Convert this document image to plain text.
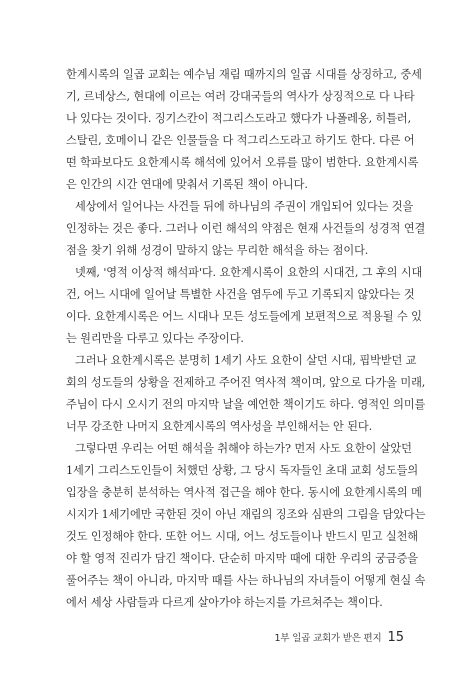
한계시록의 일곱 교회는 예수님 재림 때까지의 일곱 시대를 상징하고, 중세
기, 르네상스, 현대에 이르는 여러 강대국들의 역사가 상징적으로 다 나타
나 있다는 것이다. 징기스칸이 적그리스도라고 했다가 나폴레옹, 히틀러,
스탈린, 호메이니 같은 인물들을 다 적그리스도라고 하기도 한다. 다른 어
떤 학파보다도 요한계시록 해석에 있어서 오류를 많이 범한다. 요한계시록
은 인간의 시간 연대에 맞춰서 기록된 책이 아니다.
세상에서 일어나는 사건들 뒤에 하나님의 주권이 개입되어 있다는 것을
인정하는 것은 좋다. 그러나 이런 해석의 약점은 현재 사건들의 성경적 연결
점을 찾기 위해 성경이 말하지 않는 무리한 해석을 하는 점이다.
넷째, '영적 이상적 해석파'다. 요한계시록이 요한의 시대건, 그 후의 시대
건, 어느 시대에 일어날 특별한 사건을 염두에 두고 기록되지 않았다는 것
이다. 요한계시록은 어느 시대나 모든 성도들에게 보편적으로 적용될 수 있
는 원리만을 다루고 있다는 주장이다.
그러나 요한계시록은 분명히 1세기 사도 요한이 살던 시대, 핍박받던 교
회의 성도들의 상황을 전제하고 주어진 역사적 책이며, 앞으로 다가올 미래,
주님이 다시 오시기 전의 마지막 날을 예언한 책이기도 하다. 영적인 의미를
너무 강조한 나머지 요한계시록의 역사성을 부인해서는 안 된다.
그렇다면 우리는 어떤 해석을 취해야 하는가? 먼저 사도 요한이 살았던
1세기 그리스도인들이 처했던 상황, 그 당시 독자들인 초대 교회 성도들의
입장을 충분히 분석하는 역사적 접근을 해야 한다. 동시에 요한계시록의 메
시지가 1세기에만 국한된 것이 아닌 재림의 징조와 심판의 그림을 담았다는
것도 인정해야 한다. 또한 어느 시대, 어느 성도들이나 반드시 믿고 실천해
야 할 영적 진리가 담긴 책이다. 단순히 마지막 때에 대한 우리의 궁금증을
풀어주는 책이 아니라, 마지막 때를 사는 하나님의 자녀들이 어떻게 현실 속
에서 세상 사람들과 다르게 살아가야 하는지를 가르쳐주는 책이다.
1부 일곱 교회가 받은 편지 15
